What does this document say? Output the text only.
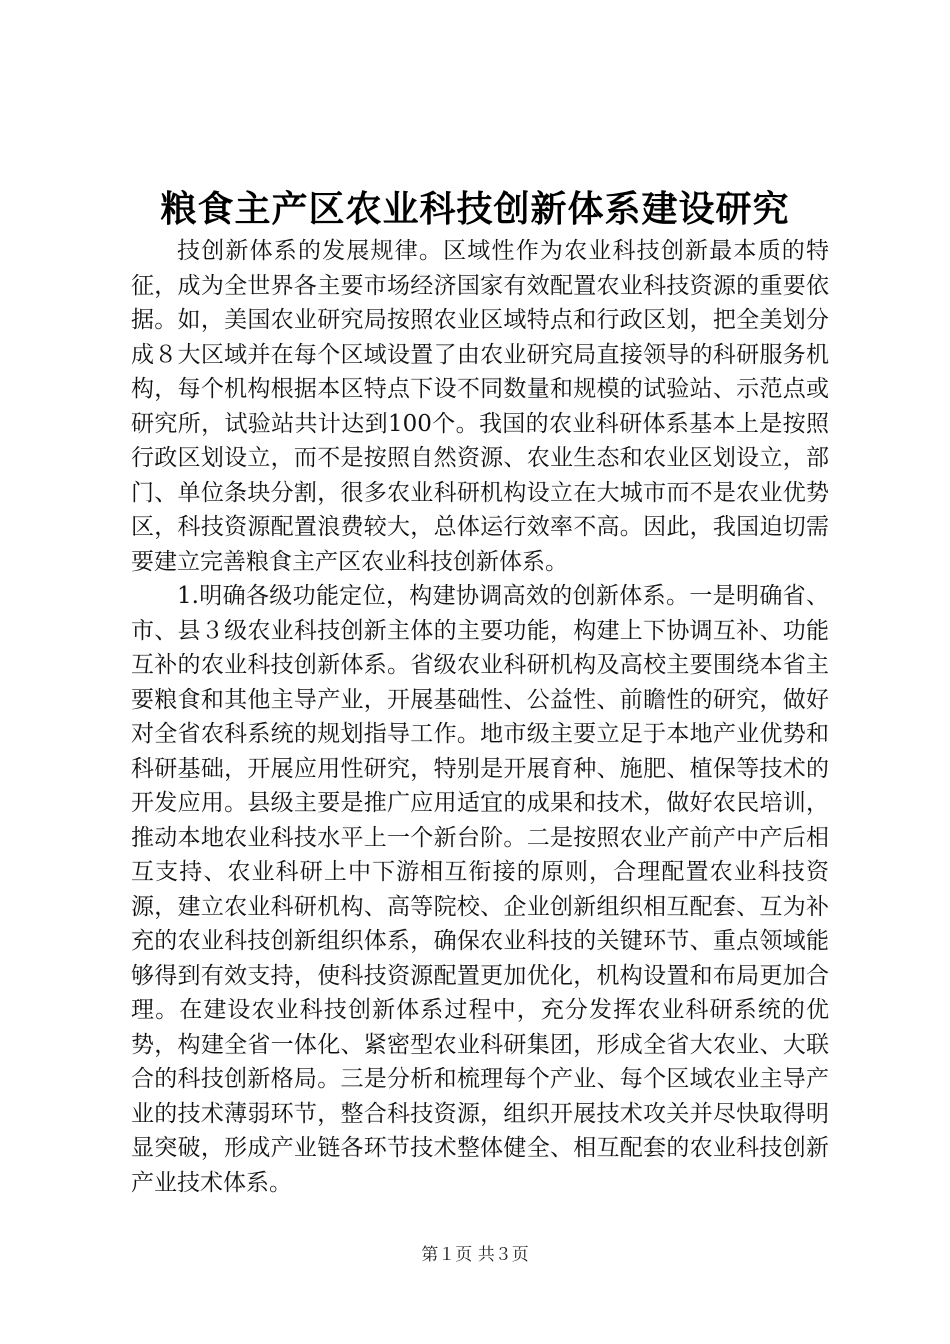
粮食主产区农业科技创新体系建设研究

技创新体系的发展规律。区域性作为农业科技创新最本质的特征，成为全世界各主要市场经济国家有效配置农业科技资源的重要依据。如，美国农业研究局按照农业区域特点和行政区划，把全美划分成８大区域并在每个区域设置了由农业研究局直接领导的科研服务机构，每个机构根据本区特点下设不同数量和规模的试验站、示范点或研究所，试验站共计达到100个。我国的农业科研体系基本上是按照行政区划设立，而不是按照自然资源、农业生态和农业区划设立，部门、单位条块分割，很多农业科研机构设立在大城市而不是农业优势区，科技资源配置浪费较大，总体运行效率不高。因此，我国迫切需要建立完善粮食主产区农业科技创新体系。

1.明确各级功能定位，构建协调高效的创新体系。一是明确省、市、县３级农业科技创新主体的主要功能，构建上下协调互补、功能互补的农业科技创新体系。省级农业科研机构及高校主要围绕本省主要粮食和其他主导产业，开展基础性、公益性、前瞻性的研究，做好对全省农科系统的规划指导工作。地市级主要立足于本地产业优势和科研基础，开展应用性研究，特别是开展育种、施肥、植保等技术的开发应用。县级主要是推广应用适宜的成果和技术，做好农民培训，推动本地农业科技水平上一个新台阶。二是按照农业产前产中产后相互支持、农业科研上中下游相互衔接的原则，合理配置农业科技资源，建立农业科研机构、高等院校、企业创新组织相互配套、互为补充的农业科技创新组织体系，确保农业科技的关键环节、重点领域能够得到有效支持，使科技资源配置更加优化，机构设置和布局更加合理。在建设农业科技创新体系过程中，充分发挥农业科研系统的优势，构建全省一体化、紧密型农业科研集团，形成全省大农业、大联合的科技创新格局。三是分析和梳理每个产业、每个区域农业主导产业的技术薄弱环节，整合科技资源，组织开展技术攻关并尽快取得明显突破，形成产业链各环节技术整体健全、相互配套的农业科技创新产业技术体系。

第１页 共３页
